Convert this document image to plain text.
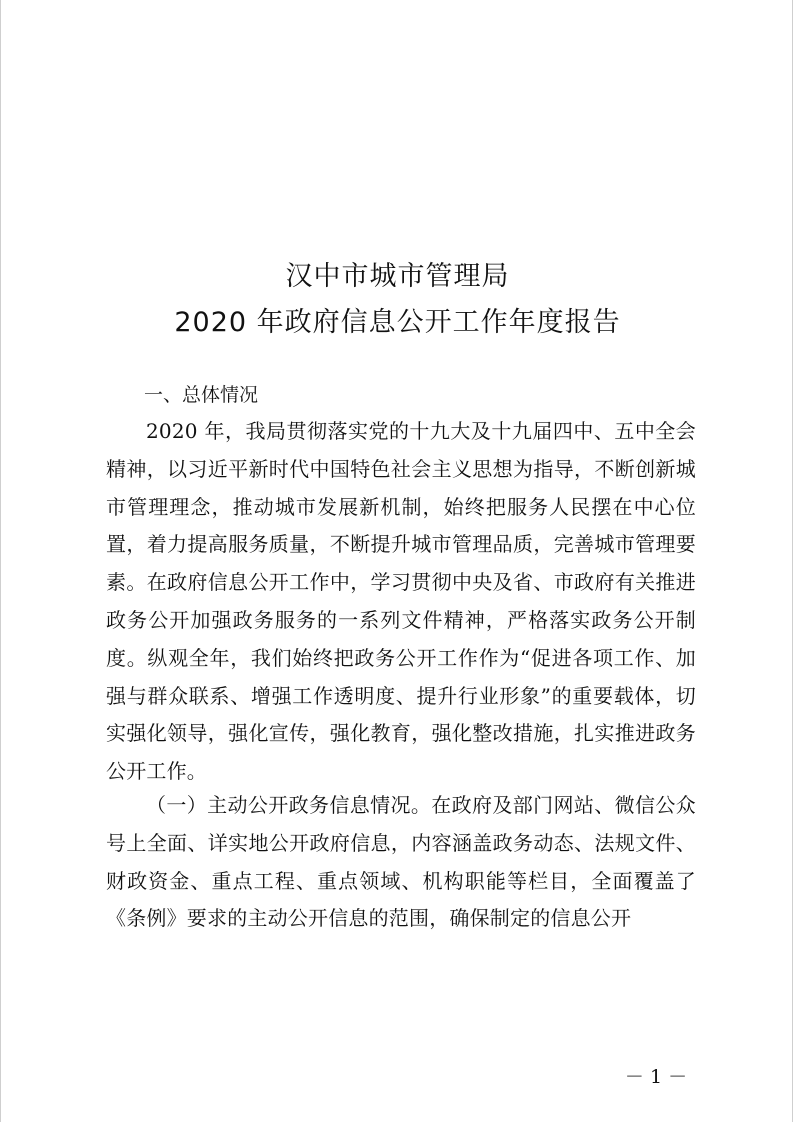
汉中市城市管理局
2020 年政府信息公开工作年度报告
一、总体情况
2020 年，我局贯彻落实党的十九大及十九届四中、五中全会精神，以习近平新时代中国特色社会主义思想为指导，不断创新城市管理理念，推动城市发展新机制，始终把服务人民摆在中心位置，着力提高服务质量，不断提升城市管理品质，完善城市管理要素。在政府信息公开工作中，学习贯彻中央及省、市政府有关推进政务公开加强政务服务的一系列文件精神，严格落实政务公开制度。纵观全年，我们始终把政务公开工作作为“促进各项工作、加强与群众联系、增强工作透明度、提升行业形象”的重要载体，切实强化领导，强化宣传，强化教育，强化整改措施，扎实推进政务公开工作。
（一）主动公开政务信息情况。在政府及部门网站、微信公众号上全面、详实地公开政府信息，内容涵盖政务动态、法规文件、财政资金、重点工程、重点领域、机构职能等栏目，全面覆盖了《条例》要求的主动公开信息的范围，确保制定的信息公开
－ 1 －
